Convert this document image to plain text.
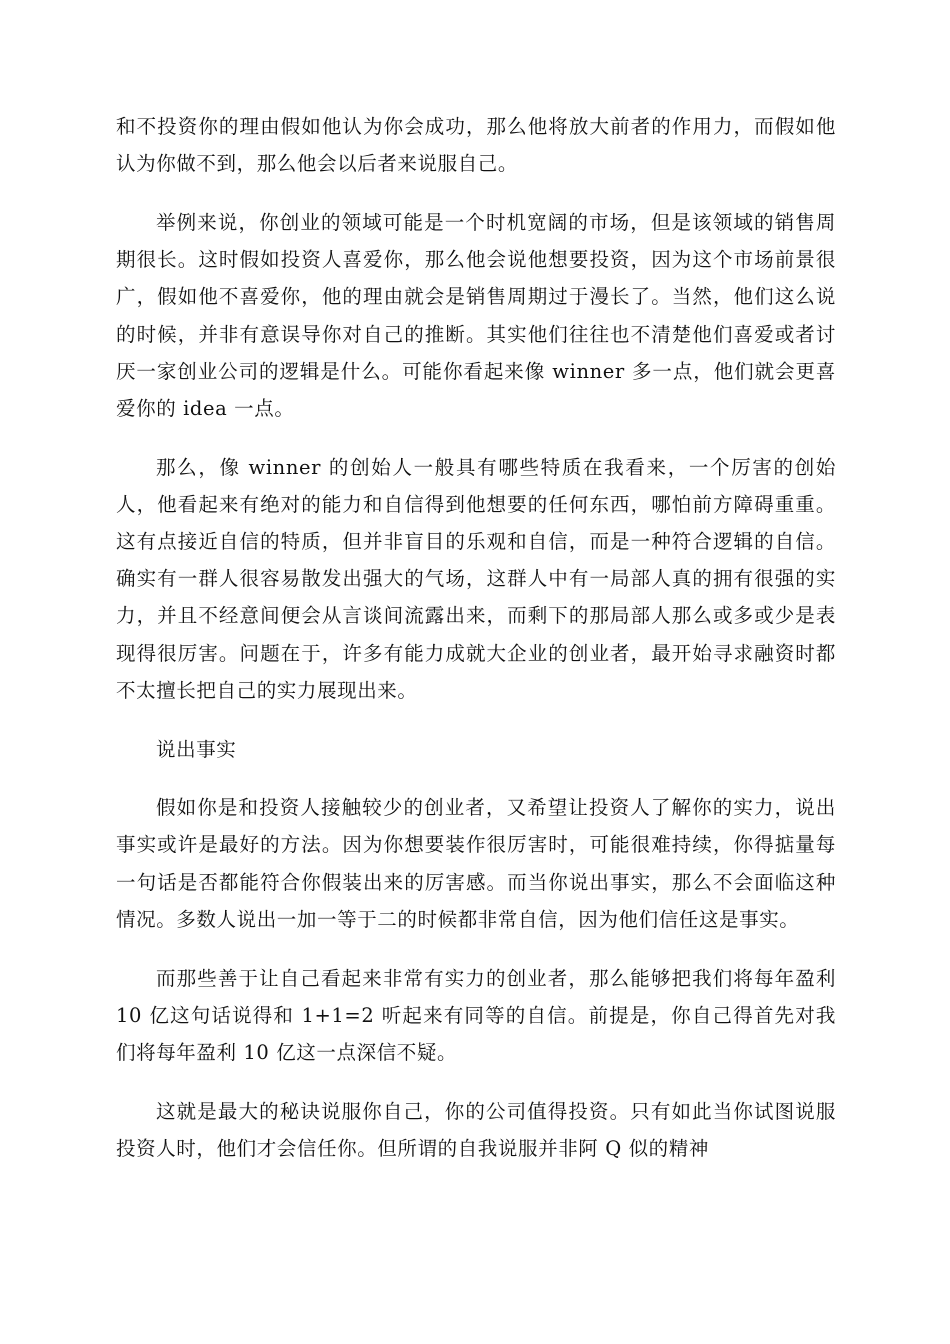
和不投资你的理由假如他认为你会成功，那么他将放大前者的作用力，而假如他认为你做不到，那么他会以后者来说服自己。

举例来说，你创业的领域可能是一个时机宽阔的市场，但是该领域的销售周期很长。这时假如投资人喜爱你，那么他会说他想要投资，因为这个市场前景很广，假如他不喜爱你，他的理由就会是销售周期过于漫长了。当然，他们这么说的时候，并非有意误导你对自己的推断。其实他们往往也不清楚他们喜爱或者讨厌一家创业公司的逻辑是什么。可能你看起来像 winner 多一点，他们就会更喜爱你的 idea 一点。

那么，像 winner 的创始人一般具有哪些特质在我看来，一个厉害的创始人，他看起来有绝对的能力和自信得到他想要的任何东西，哪怕前方障碍重重。这有点接近自信的特质，但并非盲目的乐观和自信，而是一种符合逻辑的自信。确实有一群人很容易散发出强大的气场，这群人中有一局部人真的拥有很强的实力，并且不经意间便会从言谈间流露出来，而剩下的那局部人那么或多或少是表现得很厉害。问题在于，许多有能力成就大企业的创业者，最开始寻求融资时都不太擅长把自己的实力展现出来。

说出事实

假如你是和投资人接触较少的创业者，又希望让投资人了解你的实力，说出事实或许是最好的方法。因为你想要装作很厉害时，可能很难持续，你得掂量每一句话是否都能符合你假装出来的厉害感。而当你说出事实，那么不会面临这种情况。多数人说出一加一等于二的时候都非常自信，因为他们信任这是事实。

而那些善于让自己看起来非常有实力的创业者，那么能够把我们将每年盈利 10 亿这句话说得和 1+1=2 听起来有同等的自信。前提是，你自己得首先对我们将每年盈利 10 亿这一点深信不疑。

这就是最大的秘诀说服你自己，你的公司值得投资。只有如此当你试图说服投资人时，他们才会信任你。但所谓的自我说服并非阿 Q 似的精神
